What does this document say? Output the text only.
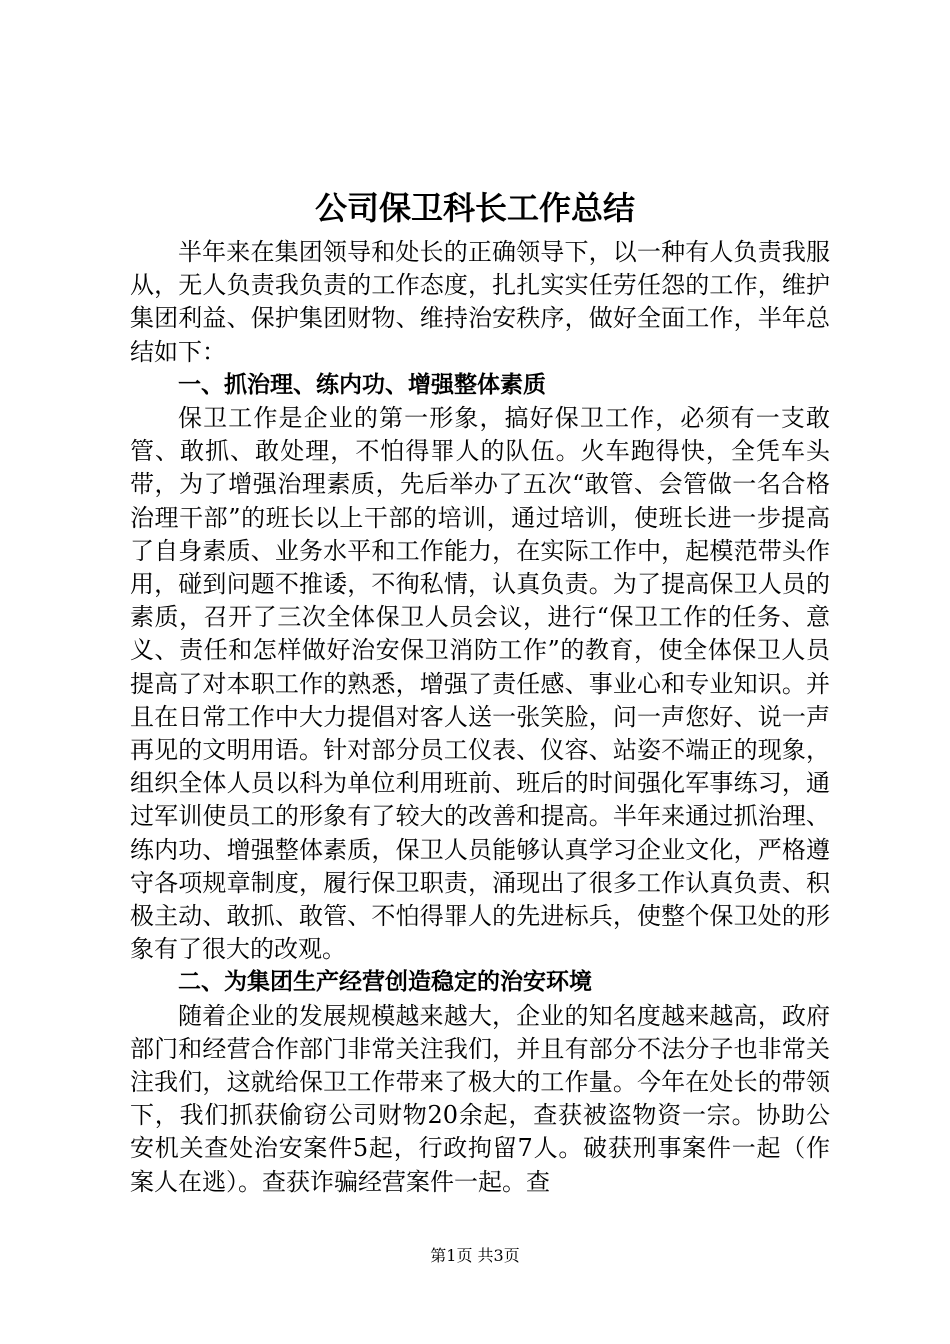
公司保卫科长工作总结

半年来在集团领导和处长的正确领导下，以一种有人负责我服从，无人负责我负责的工作态度，扎扎实实任劳任怨的工作，维护集团利益、保护集团财物、维持治安秩序，做好全面工作，半年总结如下：

一、抓治理、练内功、增强整体素质

保卫工作是企业的第一形象，搞好保卫工作，必须有一支敢管、敢抓、敢处理，不怕得罪人的队伍。火车跑得快，全凭车头带，为了增强治理素质，先后举办了五次“敢管、会管做一名合格治理干部”的班长以上干部的培训，通过培训，使班长进一步提高了自身素质、业务水平和工作能力，在实际工作中，起模范带头作用，碰到问题不推诿，不徇私情，认真负责。为了提高保卫人员的素质，召开了三次全体保卫人员会议，进行“保卫工作的任务、意义、责任和怎样做好治安保卫消防工作”的教育，使全体保卫人员提高了对本职工作的熟悉，增强了责任感、事业心和专业知识。并且在日常工作中大力提倡对客人送一张笑脸，问一声您好、说一声再见的文明用语。针对部分员工仪表、仪容、站姿不端正的现象，组织全体人员以科为单位利用班前、班后的时间强化军事练习，通过军训使员工的形象有了较大的改善和提高。半年来通过抓治理、练内功、增强整体素质，保卫人员能够认真学习企业文化，严格遵守各项规章制度，履行保卫职责，涌现出了很多工作认真负责、积极主动、敢抓、敢管、不怕得罪人的先进标兵，使整个保卫处的形象有了很大的改观。

二、为集团生产经营创造稳定的治安环境

随着企业的发展规模越来越大，企业的知名度越来越高，政府部门和经营合作部门非常关注我们，并且有部分不法分子也非常关注我们，这就给保卫工作带来了极大的工作量。今年在处长的带领下，我们抓获偷窃公司财物20余起，查获被盗物资一宗。协助公安机关查处治安案件5起，行政拘留7人。破获刑事案件一起（作案人在逃）。查获诈骗经营案件一起。查

第1页 共3页
